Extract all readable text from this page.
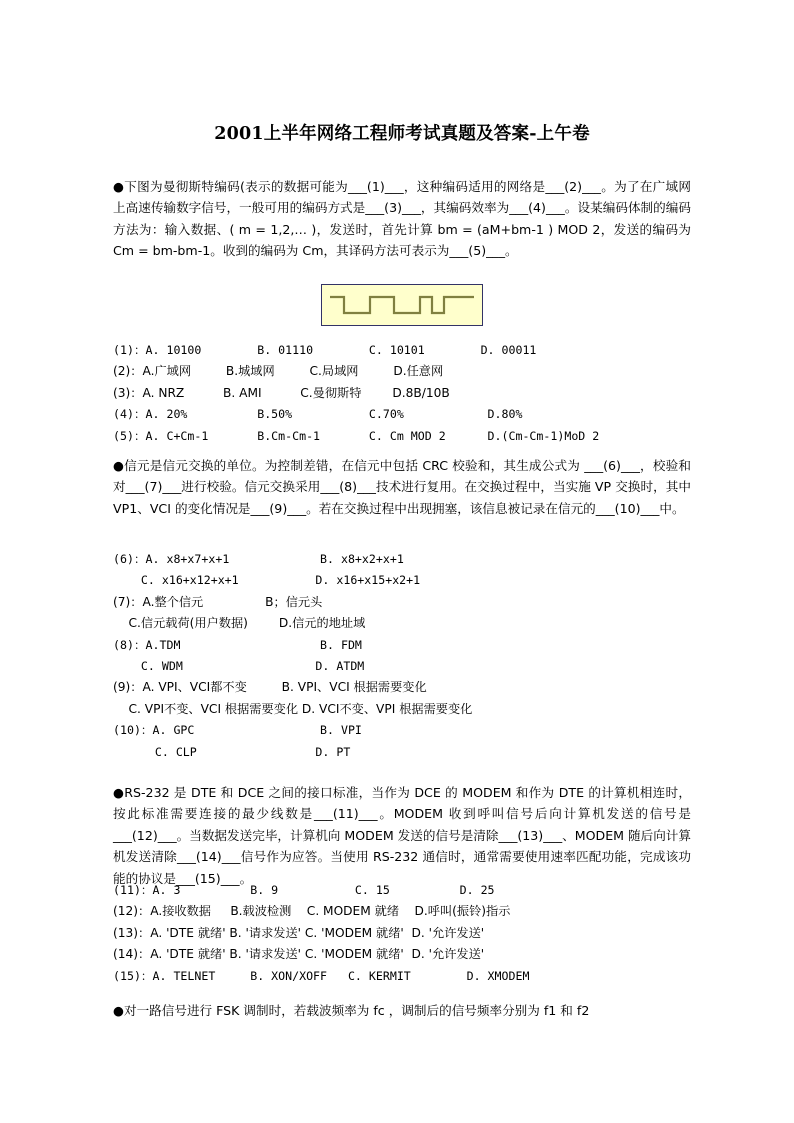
2001上半年网络工程师考试真题及答案-上午卷

●下图为曼彻斯特编码(表示的数据可能为___(1)___，这种编码适用的网络是___(2)___。为了在广域网上高速传输数字信号，一般可用的编码方式是___(3)___，其编码效率为___(4)___。设某编码体制的编码方法为：输入数据、( m = 1,2,… )，发送时，首先计算 bm = (aM+bm-1 ) MOD 2，发送的编码为 Cm = bm-bm-1。收到的编码为 Cm，其译码方法可表示为___(5)___。

(1)：A. 10100        B. 01110        C. 10101        D. 00011
(2)：A.广域网         B.城域网         C.局域网         D.任意网
(3)：A. NRZ          B. AMI          C.曼彻斯特        D.8B/10B
(4)：A. 20%          B.50%           C.70%            D.80%
(5)：A. C+Cm-1       B.Cm-Cm-1       C. Cm MOD 2      D.(Cm-Cm-1)MoD 2

●信元是信元交换的单位。为控制差错，在信元中包括 CRC 校验和，其生成公式为 ___(6)___，校验和对___(7)___进行校验。信元交换采用___(8)___技术进行复用。在交换过程中，当实施 VP 交换时，其中 VP1、VCI 的变化情况是___(9)___。若在交换过程中出现拥塞，该信息被记录在信元的___(10)___中。

(6)：A. x8+x7+x+1             B. x8+x2+x+1
C. x16+x12+x+1           D. x16+x15+x2+1
(7)：A.整个信元                B；信元头
C.信元载荷(用户数据)        D.信元的地址域
(8)：A.TDM                    B. FDM
C. WDM                   D. ATDM
(9)：A. VPI、VCI都不变         B. VPI、VCI 根据需要变化
C. VPI不变、VCI 根据需要变化 D. VCI不变、VPI 根据需要变化
(10)：A. GPC                  B. VPI
C. CLP                 D. PT

●RS-232 是 DTE 和 DCE 之间的接口标准，当作为 DCE 的 MODEM 和作为 DTE 的计算机相连时，按此标准需要连接的最少线数是___(11)___。MODEM 收到呼叫信号后向计算机发送的信号是___(12)___。当数据发送完毕，计算机向 MODEM 发送的信号是清除___(13)___、MODEM 随后向计算机发送清除___(14)___信号作为应答。当使用 RS-232 通信时，通常需要使用速率匹配功能，完成该功能的协议是___(15)___。

(11)：A. 3          B. 9           C. 15          D. 25
(12)：A.接收数据     B.载波检测    C. MODEM 就绪    D.呼叫(振铃)指示
(13)：A. 'DTE 就绪' B. '请求发送' C. 'MODEM 就绪'  D. '允许发送'
(14)：A. 'DTE 就绪' B. '请求发送' C. 'MODEM 就绪'  D. '允许发送'
(15)：A. TELNET     B. XON/XOFF   C. KERMIT        D. XMODEM

●对一路信号进行 FSK 调制时，若载波频率为 fc ，调制后的信号频率分别为 f1 和 f2
